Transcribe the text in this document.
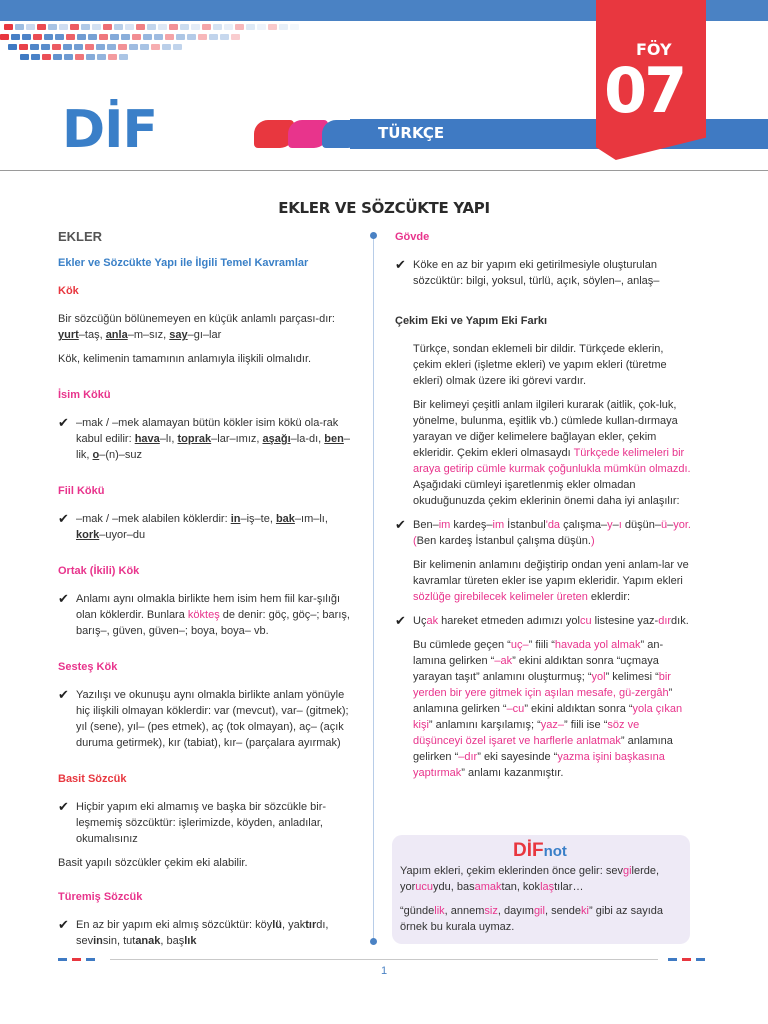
DİF	TÜRKÇE
FÖY
07
EKLER VE SÖZCÜKTE YAPI
EKLER
Ekler ve Sözcükte Yapı ile İlgili Temel Kavramlar
Kök

Bir sözcüğün bölünemeyen en küçük anlamlı parçası-dır: yurt–taş, anla–m–sız, say–gı–lar

Kök, kelimenin tamamının anlamıyla ilişkili olmalıdır.

İsim Kökü
✔ –mak / –mek alamayan bütün kökler isim kökü ola-rak kabul edilir: hava–lı, toprak–lar–ımız, aşağı–la-dı, ben–lik, o–(n)–suz
Fiil Kökü
✔ –mak / –mek alabilen köklerdir: in–iş–te, bak–ım–lı, kork–uyor–du
Ortak (İkili) Kök
✔ Anlamı aynı olmakla birlikte hem isim hem fiil kar-şılığı olan köklerdir. Bunlara kökteş de denir: göç, göç–; barış, barış–, güven, güven–; boya, boya– vb.
Sesteş Kök
✔ Yazılışı ve okunuşu aynı olmakla birlikte anlam yönüyle hiç ilişkili olmayan köklerdir: var (mevcut), var– (gitmek); yıl (sene), yıl– (pes etmek), aç (tok olmayan), aç– (açık duruma getirmek), kır (tabiat), kır– (parçalara ayırmak)
Basit Sözcük
✔ Hiçbir yapım eki almamış ve başka bir sözcükle bir-leşmemiş sözcüktür: işlerimizde, köyden, anladılar, okumalısınız

Basit yapılı sözcükler çekim eki alabilir.

Türemiş Sözcük
✔ En az bir yapım eki almış sözcüktür: köylü, yaktırdı, sevinsin, tutanak, başlık
Gövde
✔ Köke en az bir yapım eki getirilmesiyle oluşturulan sözcüktür: bilgi, yoksul, türlü, açık, söylen–, anlaş–
Çekim Eki ve Yapım Eki Farkı

Türkçe, sondan eklemeli bir dildir. Türkçede eklerin, çekim ekleri (işletme ekleri) ve yapım ekleri (türetme ekleri) olmak üzere iki görevi vardır.

Bir kelimeyi çeşitli anlam ilgileri kurarak (aitlik, çok-luk, yönelme, bulunma, eşitlik vb.) cümlede kullan-dırmaya yarayan ve diğer kelimelere bağlayan ekler, çekim ekleridir. Çekim ekleri olmasaydı Türkçede kelimeleri bir araya getirip cümle kurmak çoğunlukla mümkün olmazdı. Aşağıdaki cümleyi işaretlenmiş ekler olmadan okuduğunuzda çekim eklerinin önemi daha iyi anlaşılır:

✔ Ben–im kardeş–im İstanbul'da çalışma–y–ı düşün–ü–yor. (Ben kardeş İstanbul çalışma düşün.)

Bir kelimenin anlamını değiştirip ondan yeni anlam-lar ve kavramlar türeten ekler ise yapım ekleridir. Yapım ekleri sözlüğe girebilecek kelimeler üreten eklerdir:

✔ Uçak hareket etmeden adımızı yolcu listesine yaz-dırdık.

Bu cümlede geçen “uç–” fiili “havada yol almak” an-lamına gelirken “–ak” ekini aldıktan sonra “uçmaya yarayan taşıt” anlamını oluşturmuş; “yol” kelimesi “bir yerden bir yere gitmek için aşılan mesafe, gü-zergâh” anlamına gelirken “–cu” ekini aldıktan sonra “yola çıkan kişi” anlamını karşılamış; “yaz–” fiili ise “söz ve düşünceyi özel işaret ve harflerle anlatmak” anlamına gelirken “–dır” eki sayesinde “yazma işini başkasına yaptırmak” anlamı kazanmıştır.

DİFnot

Yapım ekleri, çekim eklerinden önce gelir: sevgilerde, yorucuydu, basamaktan, koklaştılar…

“gündelik, annemsiz, dayımgil, sendeki” gibi az sayıda örnek bu kurala uymaz.

1
